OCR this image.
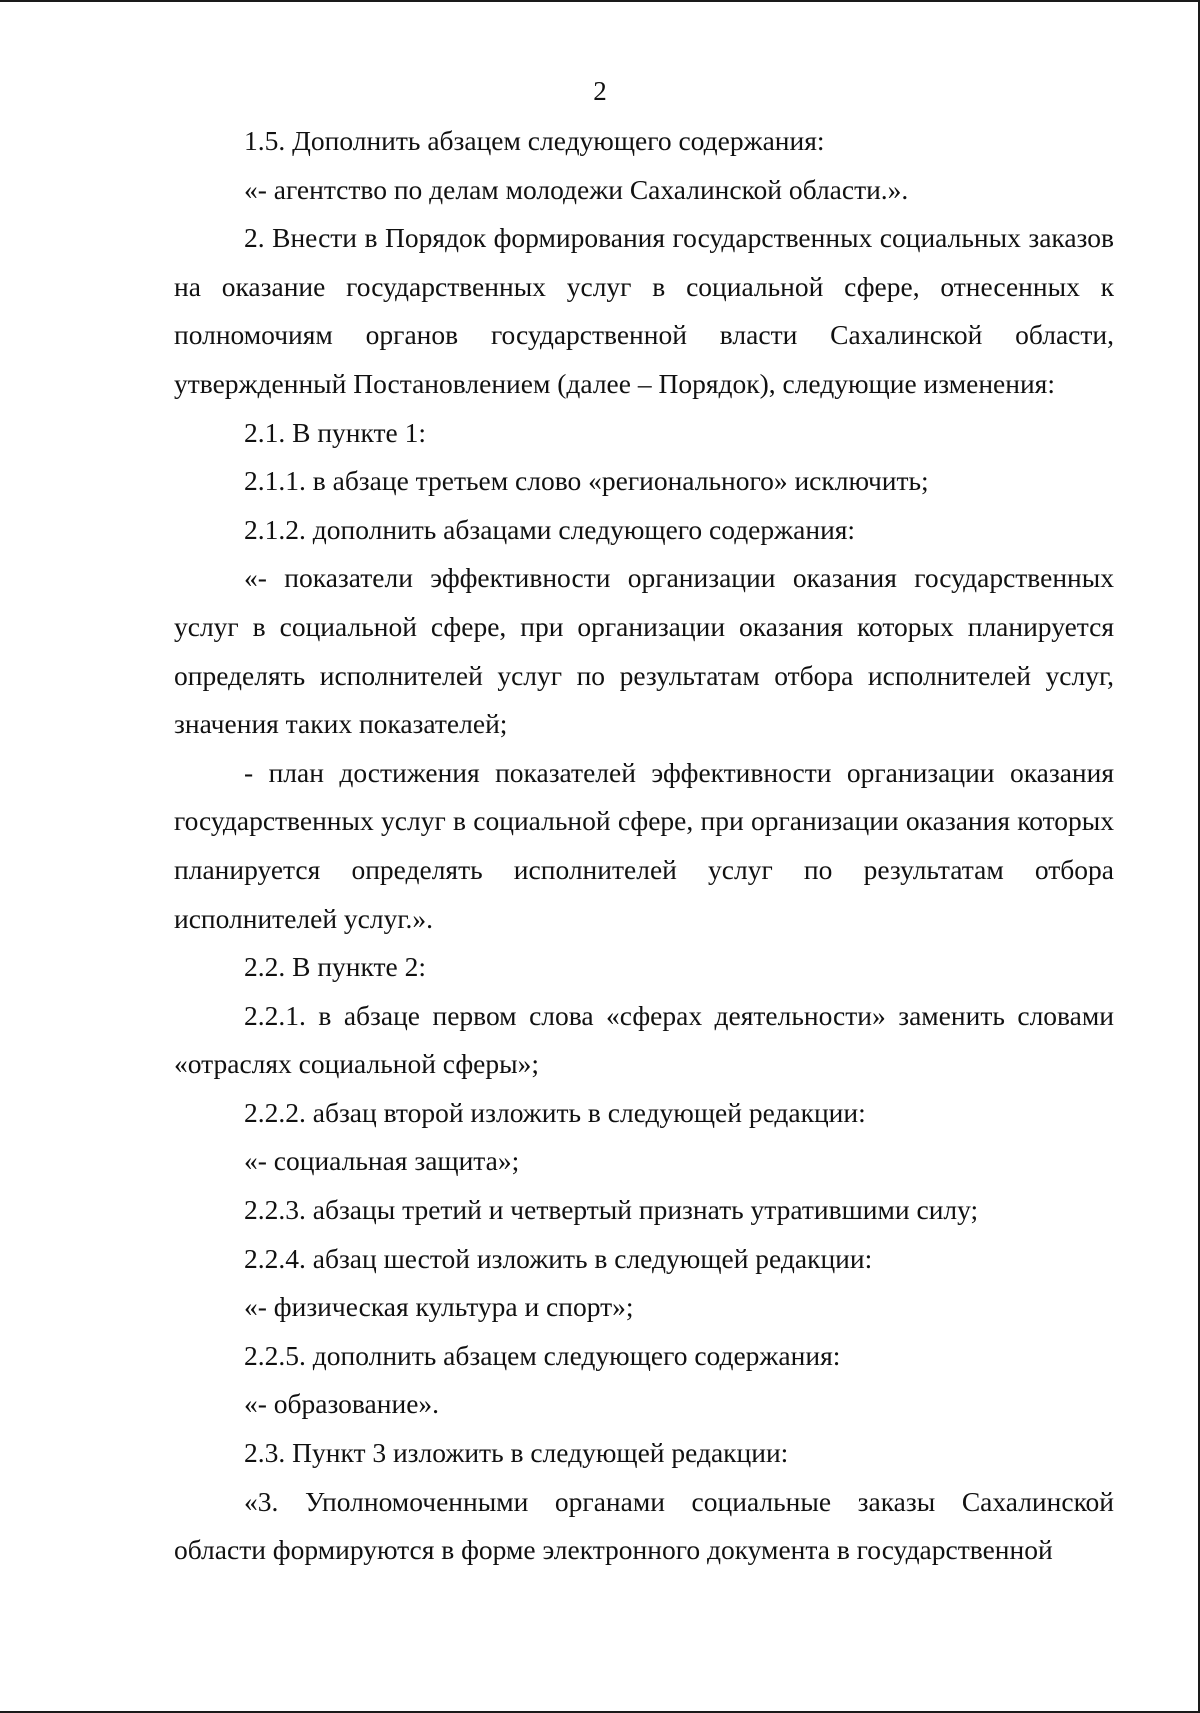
2

1.5. Дополнить абзацем следующего содержания:

«- агентство по делам молодежи Сахалинской области.».

2. Внести в Порядок формирования государственных социальных заказов на оказание государственных услуг в социальной сфере, отнесенных к полномочиям органов государственной власти Сахалинской области, утвержденный Постановлением (далее – Порядок), следующие изменения:

2.1. В пункте 1:

2.1.1. в абзаце третьем слово «регионального» исключить;

2.1.2. дополнить абзацами следующего содержания:

«- показатели эффективности организации оказания государственных услуг в социальной сфере, при организации оказания которых планируется определять исполнителей услуг по результатам отбора исполнителей услуг, значения таких показателей;

- план достижения показателей эффективности организации оказания государственных услуг в социальной сфере, при организации оказания которых планируется определять исполнителей услуг по результатам отбора исполнителей услуг.».

2.2. В пункте 2:

2.2.1. в абзаце первом слова «сферах деятельности» заменить словами «отраслях социальной сферы»;

2.2.2. абзац второй изложить в следующей редакции:

«- социальная защита»;

2.2.3. абзацы третий и четвертый признать утратившими силу;

2.2.4. абзац шестой изложить в следующей редакции:

«- физическая культура и спорт»;

2.2.5. дополнить абзацем следующего содержания:

«- образование».

2.3. Пункт 3 изложить в следующей редакции:

«3. Уполномоченными органами социальные заказы Сахалинской области формируются в форме электронного документа в государственной
